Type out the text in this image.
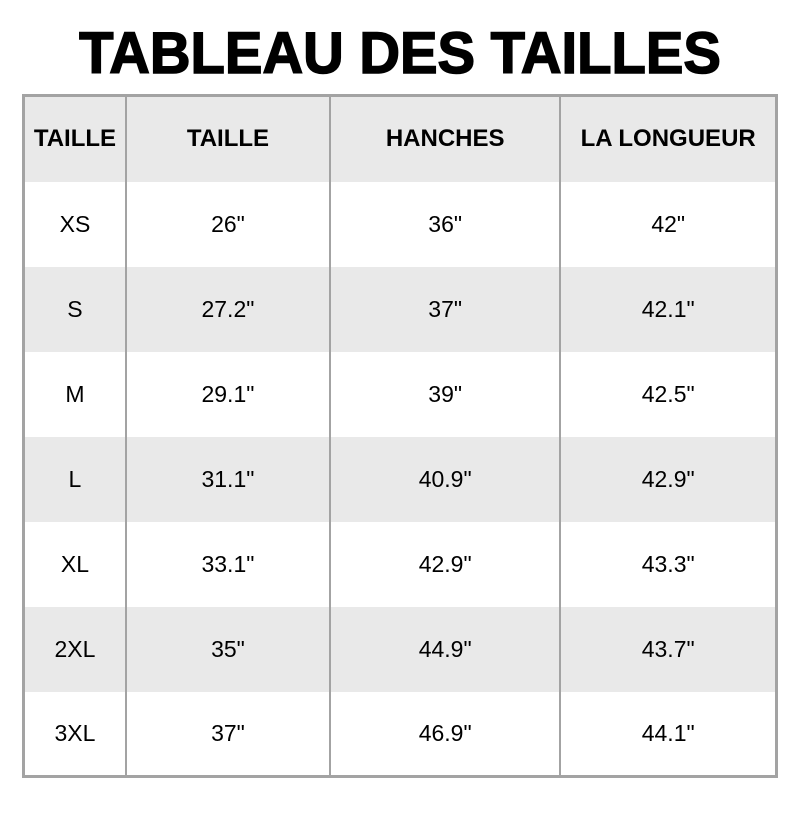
TABLEAU DES TAILLES
TAILLE	TAILLE	HANCHES	LA LONGUEUR
XS	26"	36"	42"
S	27.2"	37"	42.1"
M	29.1"	39"	42.5"
L	31.1"	40.9"	42.9"
XL	33.1"	42.9"	43.3"
2XL	35"	44.9"	43.7"
3XL	37"	46.9"	44.1"
